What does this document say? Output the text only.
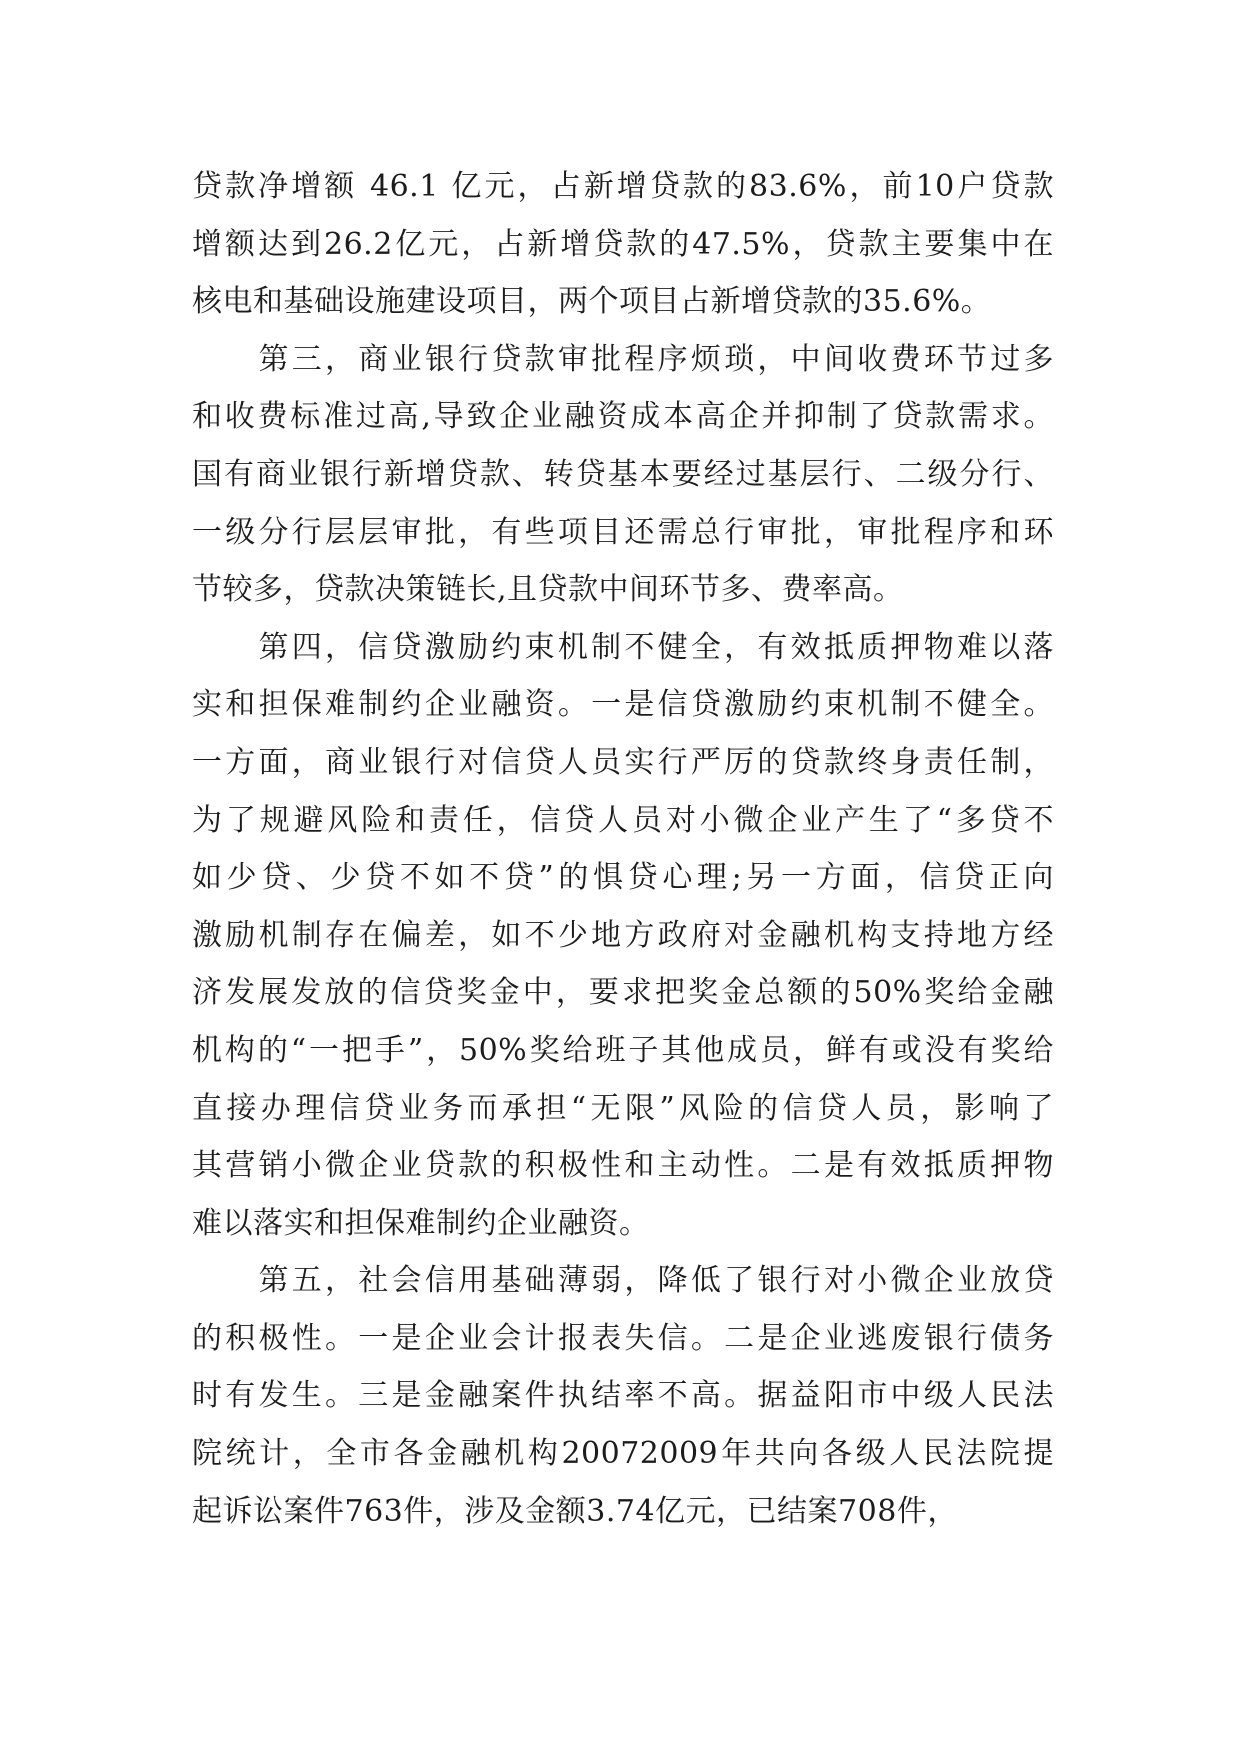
贷款净增额 46.1 亿元，占新增贷款的83.6%，前10户贷款
增额达到26.2亿元，占新增贷款的47.5%，贷款主要集中在
核电和基础设施建设项目，两个项目占新增贷款的35.6%。
　　第三，商业银行贷款审批程序烦琐，中间收费环节过多
和收费标准过高,导致企业融资成本高企并抑制了贷款需求。
国有商业银行新增贷款、转贷基本要经过基层行、二级分行、
一级分行层层审批，有些项目还需总行审批，审批程序和环
节较多，贷款决策链长,且贷款中间环节多、费率高。
　　第四，信贷激励约束机制不健全，有效抵质押物难以落
实和担保难制约企业融资。一是信贷激励约束机制不健全。
一方面，商业银行对信贷人员实行严厉的贷款终身责任制，
为了规避风险和责任，信贷人员对小微企业产生了“多贷不
如少贷、少贷不如不贷”的惧贷心理;另一方面，信贷正向
激励机制存在偏差，如不少地方政府对金融机构支持地方经
济发展发放的信贷奖金中，要求把奖金总额的50%奖给金融
机构的“一把手”，50%奖给班子其他成员，鲜有或没有奖给
直接办理信贷业务而承担“无限”风险的信贷人员，影响了
其营销小微企业贷款的积极性和主动性。二是有效抵质押物
难以落实和担保难制约企业融资。
　　第五，社会信用基础薄弱，降低了银行对小微企业放贷
的积极性。一是企业会计报表失信。二是企业逃废银行债务
时有发生。三是金融案件执结率不高。据益阳市中级人民法
院统计，全市各金融机构20072009年共向各级人民法院提
起诉讼案件763件，涉及金额3.74亿元，已结案708件，
